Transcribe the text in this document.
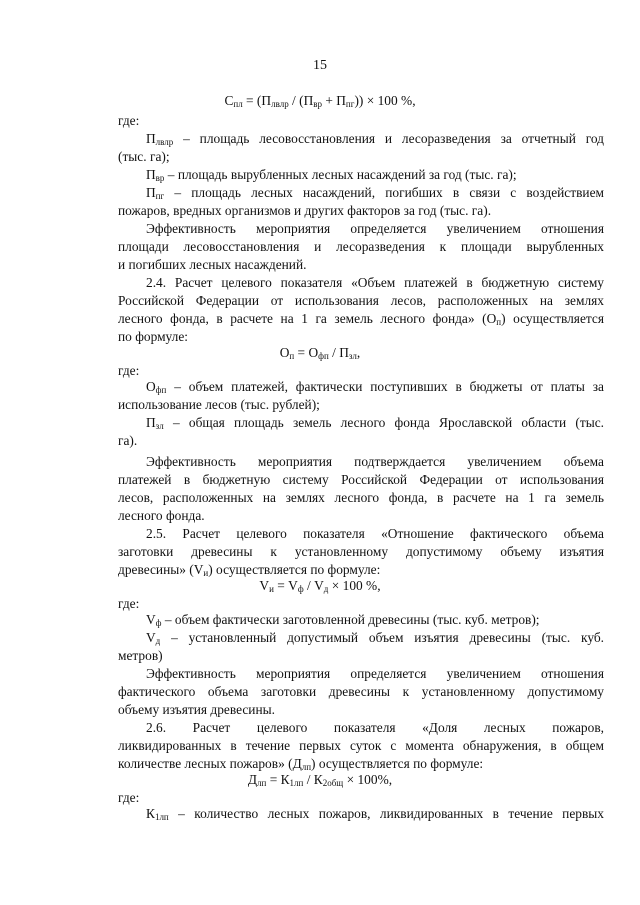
15
$С_{пл} = (П_{лвлр} / (П_{вр} + П_{пг})) \times 100$ %,
где:
$П_{лвлр}$ – площадь лесовосстановления и лесоразведения за отчетный год
(тыс. га);
$П_{вр}$ – площадь вырубленных лесных насаждений за год (тыс. га);
$П_{пг}$ – площадь лесных насаждений, погибших в связи с воздействием
пожаров, вредных организмов и других факторов за год (тыс. га).
Эффективность мероприятия определяется увеличением отношения
площади лесовосстановления и лесоразведения к площади вырубленных
и погибших лесных насаждений.
2.4. Расчет целевого показателя «Объем платежей в бюджетную систему
Российской Федерации от использования лесов, расположенных на землях
лесного фонда, в расчете на 1 га земель лесного фонда» $(О_п)$ осуществляется
по формуле:
$О_п = О_{фп} / П_{зл}$,
где:
$О_{фп}$ – объем платежей, фактически поступивших в бюджеты от платы за
использование лесов (тыс. рублей);
$П_{зл}$ – общая площадь земель лесного фонда Ярославской области (тыс.
га).
Эффективность мероприятия подтверждается увеличением объема
платежей в бюджетную систему Российской Федерации от использования
лесов, расположенных на землях лесного фонда, в расчете на 1 га земель
лесного фонда.
2.5. Расчет целевого показателя «Отношение фактического объема
заготовки древесины к установленному допустимому объему изъятия
древесины» $(V_и)$ осуществляется по формуле:
$V_и = V_ф / V_д \times 100$ %,
где:
$V_ф$ – объем фактически заготовленной древесины (тыс. куб. метров);
$V_д$ – установленный допустимый объем изъятия древесины (тыс. куб.
метров)
Эффективность мероприятия определяется увеличением отношения
фактического объема заготовки древесины к установленному допустимому
объему изъятия древесины.
2.6. Расчет целевого показателя «Доля лесных пожаров,
ликвидированных в течение первых суток с момента обнаружения, в общем
количестве лесных пожаров» $(Д_{лп})$ осуществляется по формуле:
$Д_{лп} = К_{1лп} / К_{2общ} \times 100\%$,
где:
$К_{1лп}$ – количество лесных пожаров, ликвидированных в течение первых
